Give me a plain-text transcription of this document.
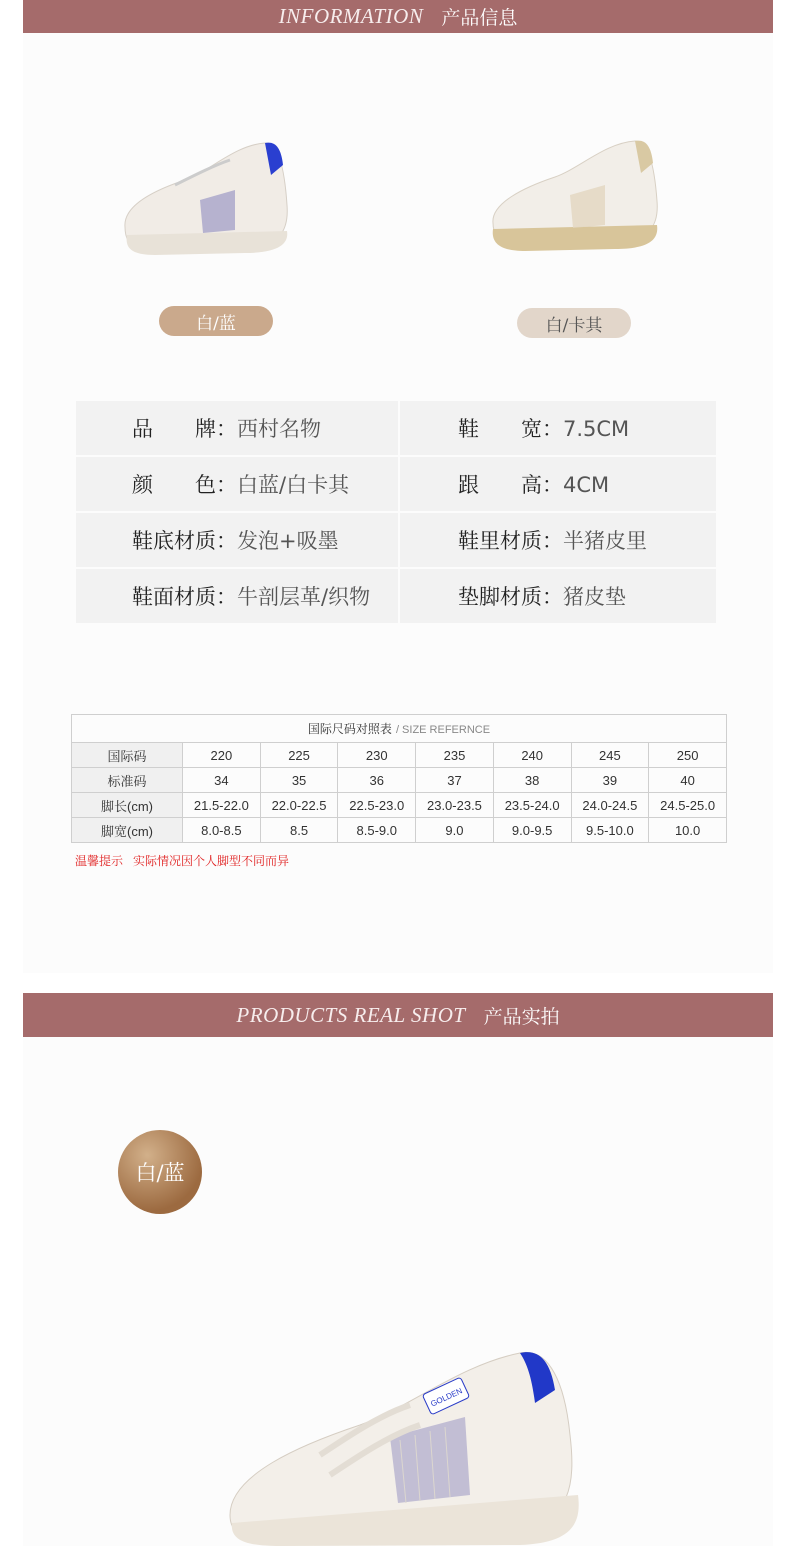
INFORMATION 产品信息
白/蓝	白/卡其
品　　牌：西村名物	鞋　　宽：7.5CM
颜　　色：白蓝/白卡其	跟　　高：4CM
鞋底材质：发泡+吸墨	鞋里材质：半猪皮里
鞋面材质：牛剖层革/织物	垫脚材质：猪皮垫
国际尺码对照表 / SIZE REFERNCE							
国际码	220	225	230	235	240	245	250
标准码	34	35	36	37	38	39	40
脚长(cm)	21.5-22.0	22.0-22.5	22.5-23.0	23.0-23.5	23.5-24.0	24.0-24.5	24.5-25.0
脚宽(cm)	8.0-8.5	8.5	8.5-9.0	9.0	9.0-9.5	9.5-10.0	10.0
温馨提示 实际情况因个人脚型不同而异
PRODUCTS REAL SHOT 产品实拍
白/蓝
GOLDEN
